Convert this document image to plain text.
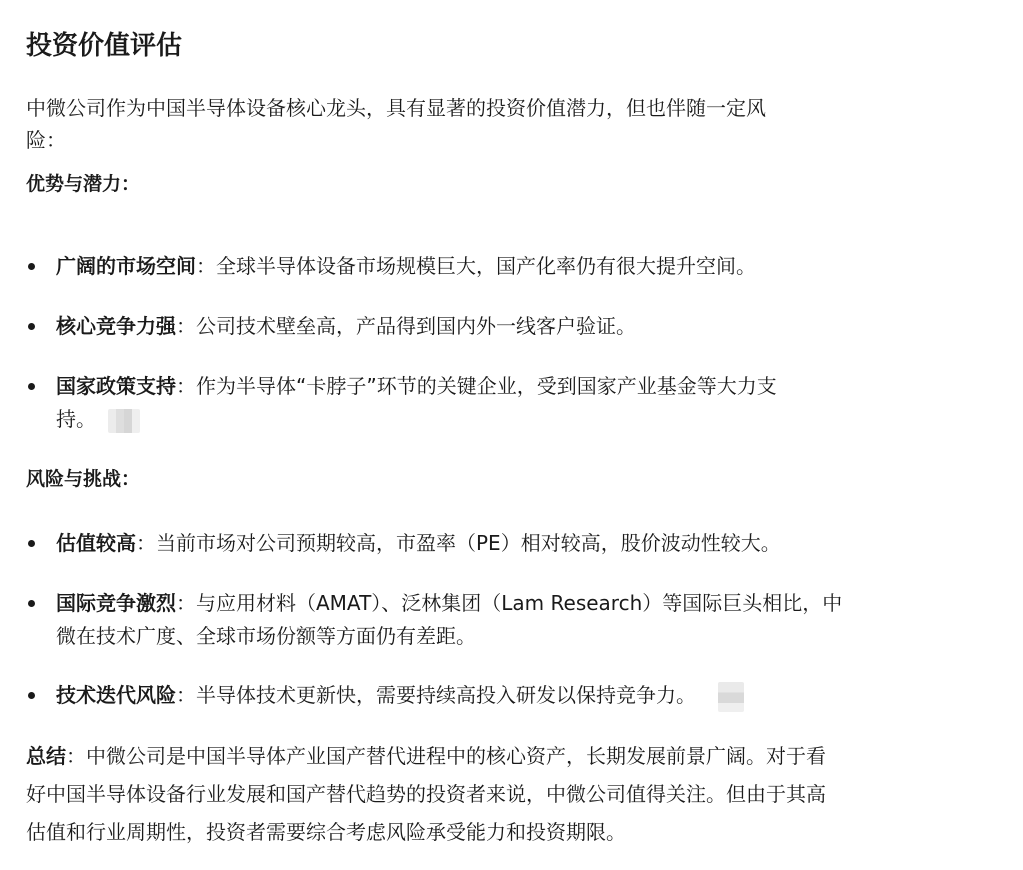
投资价值评估
中微公司作为中国半导体设备核心龙头，具有显著的投资价值潜力，但也伴随一定风
险：
优势与潜力：
广阔的市场空间：全球半导体设备市场规模巨大，国产化率仍有很大提升空间。
核心竞争力强：公司技术壁垒高，产品得到国内外一线客户验证。
国家政策支持：作为半导体“卡脖子”环节的关键企业，受到国家产业基金等大力支
持。
风险与挑战：
估值较高：当前市场对公司预期较高，市盈率（PE）相对较高，股价波动性较大。
国际竞争激烈：与应用材料（AMAT）、泛林集团（Lam Research）等国际巨头相比，中
微在技术广度、全球市场份额等方面仍有差距。
技术迭代风险：半导体技术更新快，需要持续高投入研发以保持竞争力。
总结：中微公司是中国半导体产业国产替代进程中的核心资产，长期发展前景广阔。对于看
好中国半导体设备行业发展和国产替代趋势的投资者来说，中微公司值得关注。但由于其高
估值和行业周期性，投资者需要综合考虑风险承受能力和投资期限。
